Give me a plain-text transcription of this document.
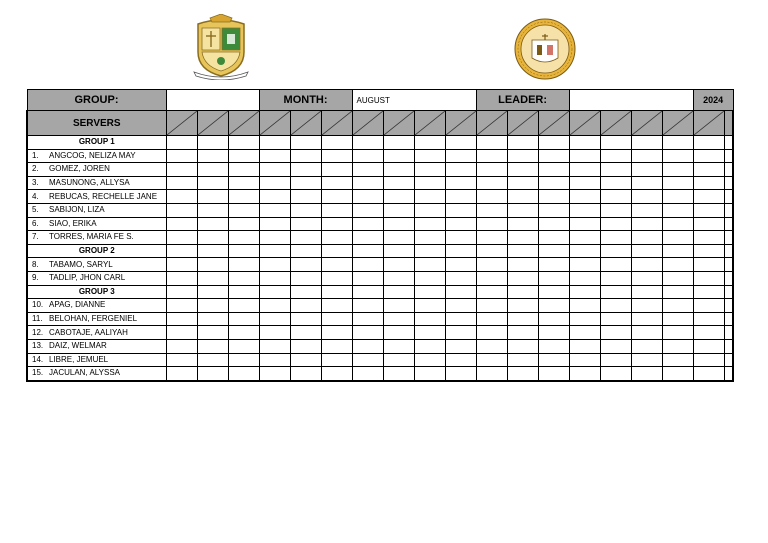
GROUP:				MONTH:			AUGUST				LEADER:							2024	
SERVERS	

GROUP 1																			
1. ANGCOG, NELIZA MAY																			
2. GOMEZ, JOREN																			
3. MASUNONG, ALLYSA																			
4. REBUCAS, RECHELLE JANE																			
5. SABIJON, LIZA																			
6. SIAO, ERIKA																			
7. TORRES, MARIA FE S.																			
GROUP 2																			
8. TABAMO, SARYL																			
9. TADLIP, JHON CARL																			
GROUP 3																			
10. APAG, DIANNE																			
11. BELOHAN, FERGENIEL																			
12. CABOTAJE, AALIYAH																			
13. DAIZ, WELMAR																			
14. LIBRE, JEMUEL																			
15. JACULAN, ALYSSA																			
